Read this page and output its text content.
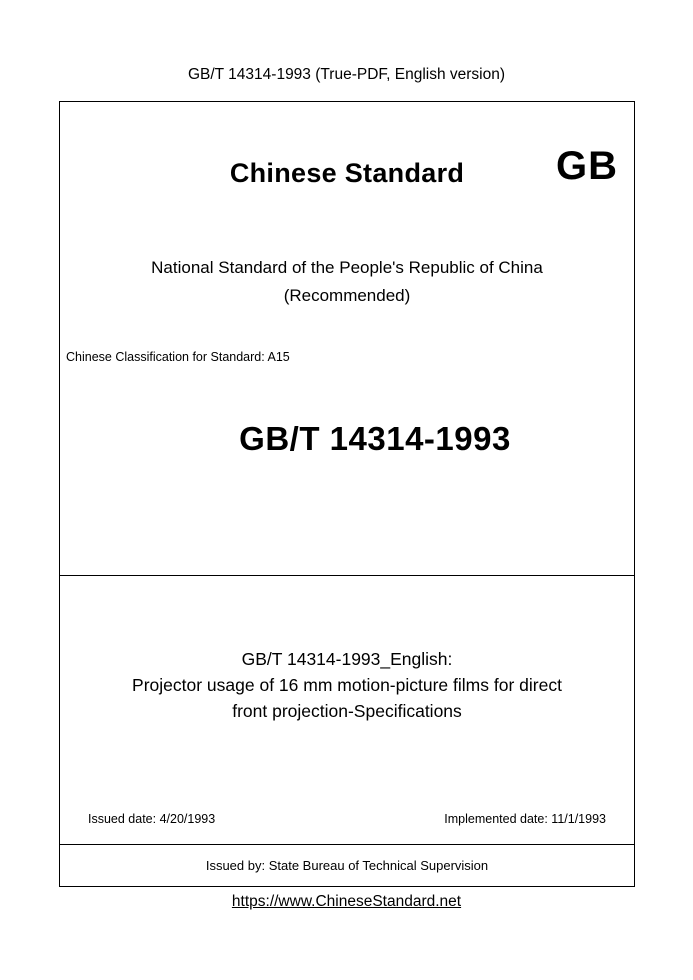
GB/T 14314-1993 (True-PDF, English version)
Chinese Standard	GB
National Standard of the People's Republic of China
(Recommended)
Chinese Classification for Standard: A15
GB/T 14314-1993
GB/T 14314-1993_English:
Projector usage of 16 mm motion-picture films for direct
front projection-Specifications
Issued date: 4/20/1993	Implemented date: 11/1/1993
Issued by: State Bureau of Technical Supervision
https://www.ChineseStandard.net
